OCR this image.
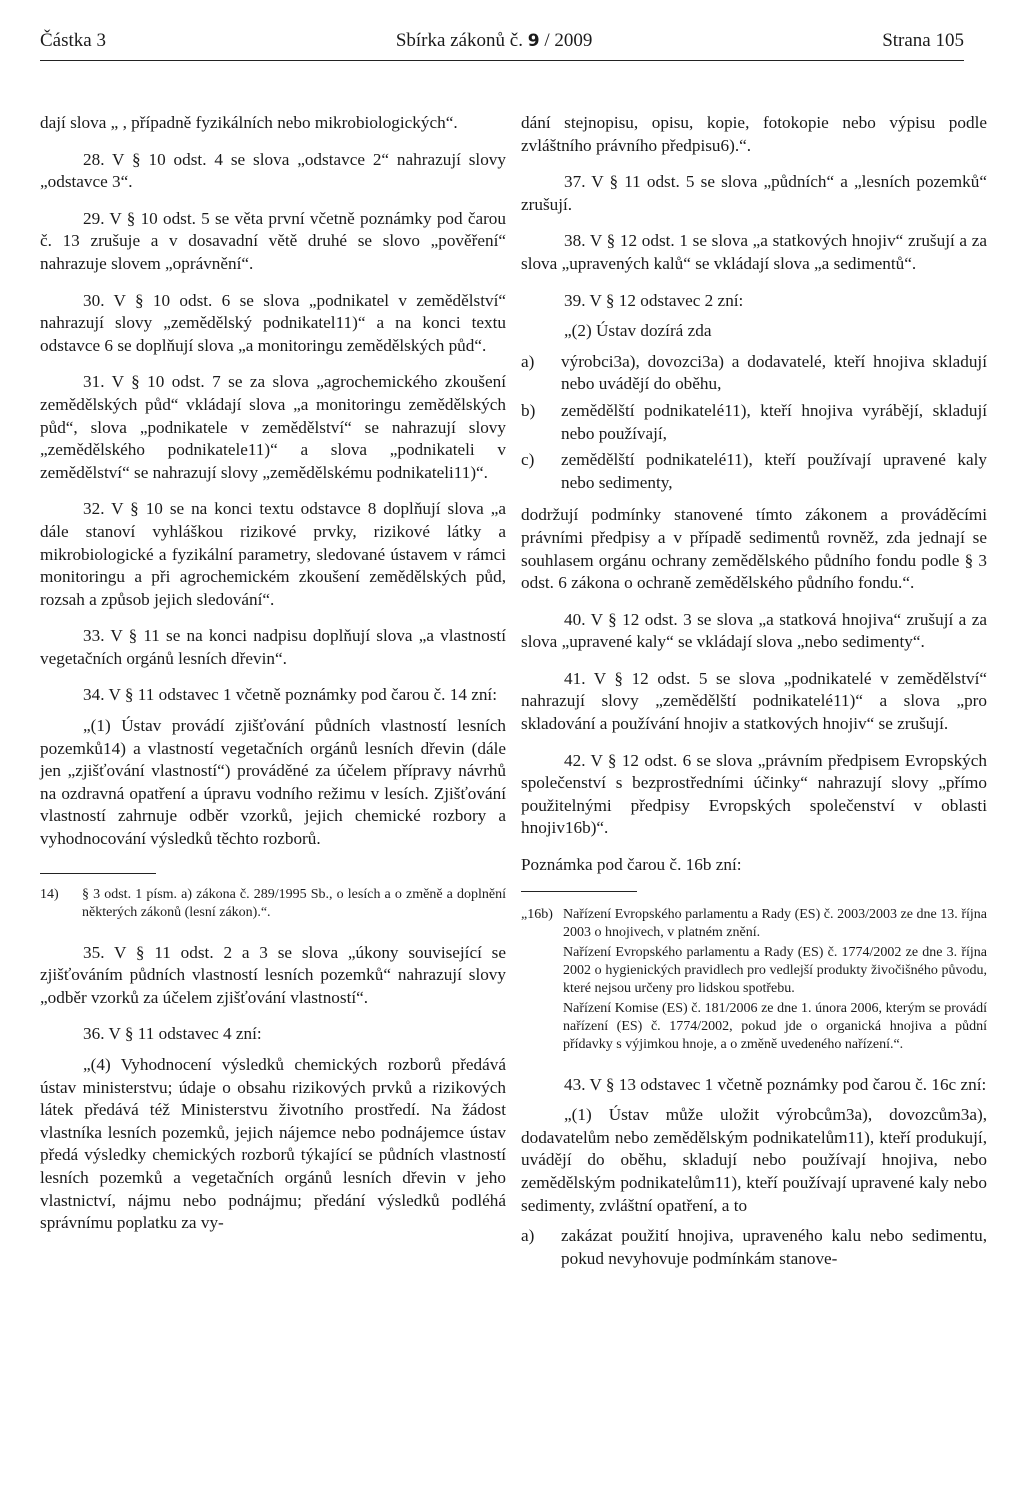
Částka 3	Sbírka zákonů č. 9 / 2009	Strana 105

dají slova „ , případně fyzikálních nebo mikrobiologických“.

28. V § 10 odst. 4 se slova „odstavce 2“ nahrazují slovy „odstavce 3“.

29. V § 10 odst. 5 se věta první včetně poznámky pod čarou č. 13 zrušuje a v dosavadní větě druhé se slovo „pověření“ nahrazuje slovem „oprávnění“.

30. V § 10 odst. 6 se slova „podnikatel v zemědělství“ nahrazují slovy „zemědělský podnikatel11)“ a na konci textu odstavce 6 se doplňují slova „a monitoringu zemědělských půd“.

31. V § 10 odst. 7 se za slova „agrochemického zkoušení zemědělských půd“ vkládají slova „a monitoringu zemědělských půd“, slova „podnikatele v zemědělství“ se nahrazují slovy „zemědělského podnikatele11)“ a slova „podnikateli v zemědělství“ se nahrazují slovy „zemědělskému podnikateli11)“.

32. V § 10 se na konci textu odstavce 8 doplňují slova „a dále stanoví vyhláškou rizikové prvky, rizikové látky a mikrobiologické a fyzikální parametry, sledované ústavem v rámci monitoringu a při agrochemickém zkoušení zemědělských půd, rozsah a způsob jejich sledování“.

33. V § 11 se na konci nadpisu doplňují slova „a vlastností vegetačních orgánů lesních dřevin“.

34. V § 11 odstavec 1 včetně poznámky pod čarou č. 14 zní:

„(1) Ústav provádí zjišťování půdních vlastností lesních pozemků14) a vlastností vegetačních orgánů lesních dřevin (dále jen „zjišťování vlastností“) prováděné za účelem přípravy návrhů na ozdravná opatření a úpravu vodního režimu v lesích. Zjišťování vlastností zahrnuje odběr vzorků, jejich chemické rozbory a vyhodnocování výsledků těchto rozborů.

14)	§ 3 odst. 1 písm. a) zákona č. 289/1995 Sb., o lesích a o změně a doplnění některých zákonů (lesní zákon).“.

35. V § 11 odst. 2 a 3 se slova „úkony související se zjišťováním půdních vlastností lesních pozemků“ nahrazují slovy „odběr vzorků za účelem zjišťování vlastností“.

36. V § 11 odstavec 4 zní:

„(4) Vyhodnocení výsledků chemických rozborů předává ústav ministerstvu; údaje o obsahu rizikových prvků a rizikových látek předává též Ministerstvu životního prostředí. Na žádost vlastníka lesních pozemků, jejich nájemce nebo podnájemce ústav předá výsledky chemických rozborů týkající se půdních vlastností lesních pozemků a vegetačních orgánů lesních dřevin v jeho vlastnictví, nájmu nebo podnájmu; předání výsledků podléhá správnímu poplatku za vy-

dání stejnopisu, opisu, kopie, fotokopie nebo výpisu podle zvláštního právního předpisu6).“.

37. V § 11 odst. 5 se slova „půdních“ a „lesních pozemků“ zrušují.

38. V § 12 odst. 1 se slova „a statkových hnojiv“ zrušují a za slova „upravených kalů“ se vkládají slova „a sedimentů“.

39. V § 12 odstavec 2 zní:

„(2) Ústav dozírá zda

a)	výrobci3a), dovozci3a) a dodavatelé, kteří hnojiva skladují nebo uvádějí do oběhu,
b)	zemědělští podnikatelé11), kteří hnojiva vyrábějí, skladují nebo používají,
c)	zemědělští podnikatelé11), kteří používají upravené kaly nebo sedimenty,

dodržují podmínky stanovené tímto zákonem a prováděcími právními předpisy a v případě sedimentů rovněž, zda jednají se souhlasem orgánu ochrany zemědělského půdního fondu podle § 3 odst. 6 zákona o ochraně zemědělského půdního fondu.“.

40. V § 12 odst. 3 se slova „a statková hnojiva“ zrušují a za slova „upravené kaly“ se vkládají slova „nebo sedimenty“.

41. V § 12 odst. 5 se slova „podnikatelé v zemědělství“ nahrazují slovy „zemědělští podnikatelé11)“ a slova „pro skladování a používání hnojiv a statkových hnojiv“ se zrušují.

42. V § 12 odst. 6 se slova „právním předpisem Evropských společenství s bezprostředními účinky“ nahrazují slovy „přímo použitelnými předpisy Evropských společenství v oblasti hnojiv16b)“.

Poznámka pod čarou č. 16b zní:

„16b) Nařízení Evropského parlamentu a Rady (ES) č. 2003/2003 ze dne 13. října 2003 o hnojivech, v platném znění.
Nařízení Evropského parlamentu a Rady (ES) č. 1774/2002 ze dne 3. října 2002 o hygienických pravidlech pro vedlejší produkty živočišného původu, které nejsou určeny pro lidskou spotřebu.
Nařízení Komise (ES) č. 181/2006 ze dne 1. února 2006, kterým se provádí nařízení (ES) č. 1774/2002, pokud jde o organická hnojiva a půdní přídavky s výjimkou hnoje, a o změně uvedeného nařízení.“.

43. V § 13 odstavec 1 včetně poznámky pod čarou č. 16c zní:

„(1) Ústav může uložit výrobcům3a), dovozcům3a), dodavatelům nebo zemědělským podnikatelům11), kteří produkují, uvádějí do oběhu, skladují nebo používají hnojiva, nebo zemědělským podnikatelům11), kteří používají upravené kaly nebo sedimenty, zvláštní opatření, a to

a)	zakázat použití hnojiva, upraveného kalu nebo sedimentu, pokud nevyhovuje podmínkám stanove-
